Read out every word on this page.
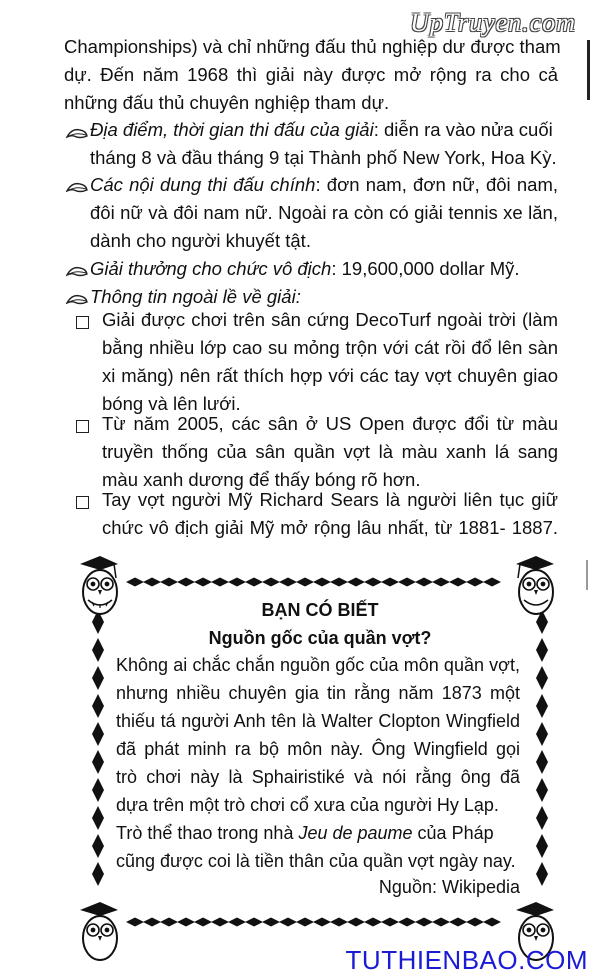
UpTruyen.com
Championships) và chỉ những đấu thủ nghiệp dư được tham
dự. Đến năm 1968 thì giải này được mở rộng ra cho cả
những đấu thủ chuyên nghiệp tham dự.
Địa điểm, thời gian thi đấu của giải: diễn ra vào nửa cuối
tháng 8 và đầu tháng 9 tại Thành phố New York, Hoa Kỳ.
Các nội dung thi đấu chính: đơn nam, đơn nữ, đôi nam,
đôi nữ và đôi nam nữ. Ngoài ra còn có giải tennis xe lăn,
dành cho người khuyết tật.
Giải thưởng cho chức vô địch: 19,600,000 dollar Mỹ.
Thông tin ngoài lề về giải:
Giải được chơi trên sân cứng DecoTurf ngoài trời (làm
bằng nhiều lớp cao su mỏng trộn với cát rồi đổ lên sàn
xi măng) nên rất thích hợp với các tay vợt chuyên giao
bóng và lên lưới.
Từ năm 2005, các sân ở US Open được đổi từ màu
truyền thống của sân quần vợt là màu xanh lá sang
màu xanh dương để thấy bóng rõ hơn.
Tay vợt người Mỹ Richard Sears là người liên tục giữ
chức vô địch giải Mỹ mở rộng lâu nhất, từ 1881- 1887.
BẠN CÓ BIẾT
Nguồn gốc của quần vợt?
Không ai chắc chắn nguồn gốc của môn quần vợt,
nhưng nhiều chuyên gia tin rằng năm 1873 một
thiếu tá người Anh tên là Walter Clopton Wingfield
đã phát minh ra bộ môn này. Ông Wingfield gọi
trò chơi này là Sphairistiké và nói rằng ông đã
dựa trên một trò chơi cổ xưa của người Hy Lạp.
Trò thể thao trong nhà Jeu de paume của Pháp
cũng được coi là tiền thân của quần vợt ngày nay.
Nguồn: Wikipedia
TUTHIENBAO.COM
